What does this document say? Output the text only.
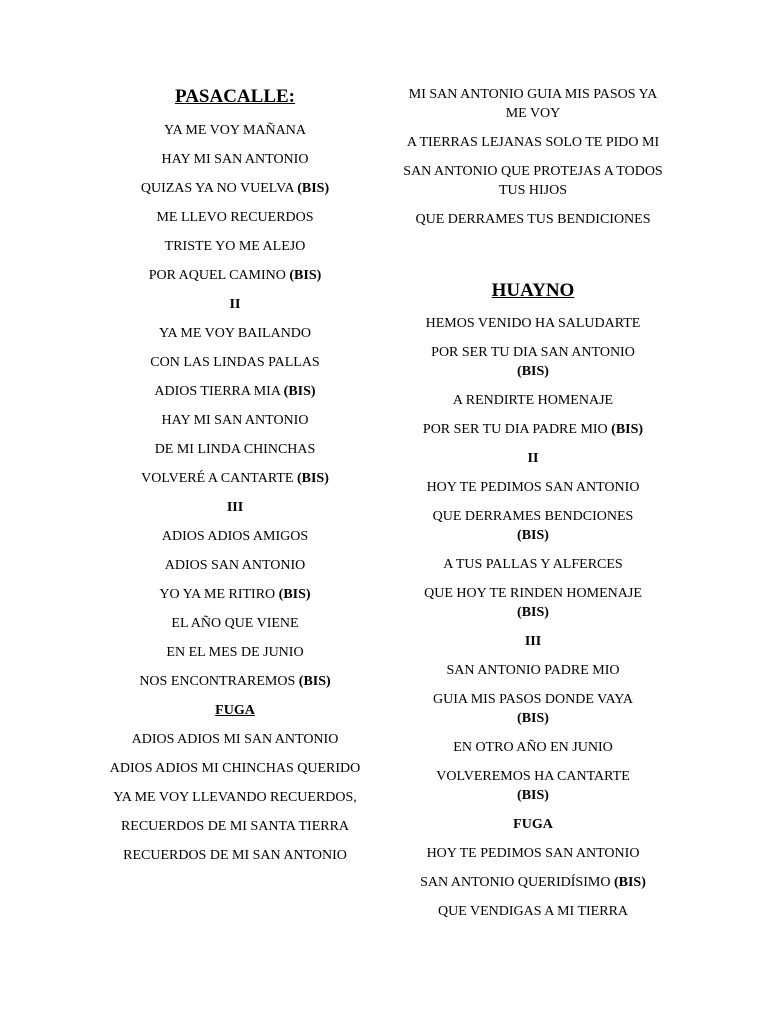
PASACALLE:
YA ME VOY MAÑANA
HAY MI SAN ANTONIO
QUIZAS YA NO VUELVA (BIS)
ME LLEVO RECUERDOS
TRISTE YO ME ALEJO
POR AQUEL CAMINO (BIS)
II
YA ME VOY BAILANDO
CON LAS LINDAS PALLAS
ADIOS TIERRA MIA (BIS)
HAY MI SAN ANTONIO
DE MI LINDA CHINCHAS
VOLVERÉ A CANTARTE (BIS)
III
ADIOS ADIOS AMIGOS
ADIOS SAN ANTONIO
YO YA ME RITIRO (BIS)
EL AÑO QUE VIENE
EN EL MES DE JUNIO
NOS ENCONTRAREMOS (BIS)
FUGA
ADIOS ADIOS MI SAN ANTONIO
ADIOS ADIOS MI CHINCHAS QUERIDO
YA ME VOY LLEVANDO RECUERDOS,
RECUERDOS DE MI SANTA TIERRA
RECUERDOS DE MI SAN ANTONIO
HUAYNO
MI SAN ANTONIO GUIA MIS PASOS YA ME VOY
A TIERRAS LEJANAS SOLO TE PIDO MI
SAN ANTONIO QUE PROTEJAS A TODOS TUS HIJOS
QUE DERRAMES TUS BENDICIONES
HEMOS VENIDO HA SALUDARTE
POR SER TU DIA SAN ANTONIO
(BIS)
A RENDIRTE HOMENAJE
POR SER TU DIA PADRE MIO (BIS)
II
HOY TE PEDIMOS SAN ANTONIO
QUE DERRAMES BENDCIONES
(BIS)
A TUS PALLAS Y ALFERCES
QUE HOY TE RINDEN HOMENAJE
(BIS)
III
SAN ANTONIO PADRE MIO
GUIA MIS PASOS DONDE VAYA
(BIS)
EN OTRO AÑO EN JUNIO
VOLVEREMOS HA CANTARTE
(BIS)
FUGA
HOY TE PEDIMOS SAN ANTONIO
SAN ANTONIO QUERIDÍSIMO (BIS)
QUE VENDIGAS A MI TIERRA
